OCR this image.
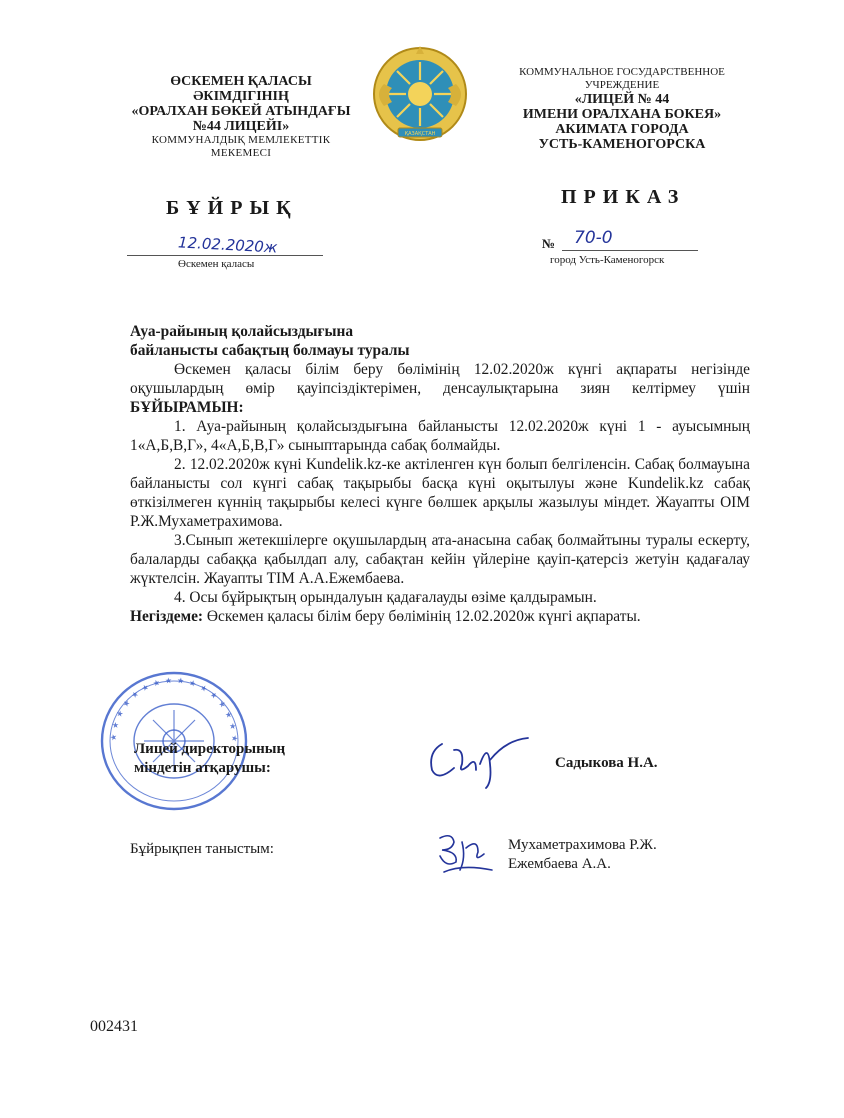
ӨСКЕМЕН ҚАЛАСЫ
ӘКІМДІГІНІҢ
«ОРАЛХАН БӨКЕЙ АТЫНДАҒЫ
№44 ЛИЦЕЙІ»
КОММУНАЛДЫҚ МЕМЛЕКЕТТІК
МЕКЕМЕСІ
ҚАЗАҚСТАН
КОММУНАЛЬНОЕ ГОСУДАРСТВЕННОЕ
УЧРЕЖДЕНИЕ
«ЛИЦЕЙ № 44
ИМЕНИ ОРАЛХАНА БОКЕЯ»
АКИМАТА ГОРОДА
УСТЬ-КАМЕНОГОРСКА
БҰЙРЫҚ	ПРИКАЗ
12.02.2020ж
Өскемен қаласы
№ 70-0
город Усть-Каменогорск

Ауа-райының қолайсыздығына

байланысты сабақтың болмауы туралы

Өскемен қаласы білім беру бөлімінің 12.02.2020ж күнгі ақпараты негізінде оқушылардың өмір қауіпсіздіктерімен, денсаулықтарына зиян келтірмеу үшін БҰЙЫРАМЫН:

1. Ауа-райының қолайсыздығына байланысты 12.02.2020ж күні 1 - ауысымның 1«А,Б,В,Г», 4«А,Б,В,Г» сыныптарында сабақ болмайды.

2. 12.02.2020ж күні Kundelik.kz-ке актіленген күн болып белгіленсін. Сабақ болмауына байланысты сол күнгі сабақ тақырыбы басқа күні оқытылуы және Kundelik.kz сабақ өткізілмеген күннің тақырыбы келесі күнге бөлшек арқылы жазылуы міндет. Жауапты ОІМ Р.Ж.Мухаметрахимова.

3.Сынып жетекшілерге оқушылардың ата-анасына сабақ болмайтыны туралы ескерту, балаларды сабаққа қабылдап алу, сабақтан кейін үйлеріне қауіп-қатерсіз жетуін қадағалау жүктелсін. Жауапты ТІМ А.А.Ежембаева.

4. Осы бұйрықтың орындалуын қадағалауды өзіме қалдырамын.

Негіздеме: Өскемен қаласы білім беру бөлімінің 12.02.2020ж күнгі ақпараты.

★ ★ ★ ★ ★ ★ ★ ★ ★ ★ ★ ★ ★ ★ ★ ★
Лицей директорының
міндетін атқарушы:	Садыкова Н.А.
Бұйрықпен таныстым:	Мухаметрахимова Р.Ж.
Ежембаева А.А.
002431
